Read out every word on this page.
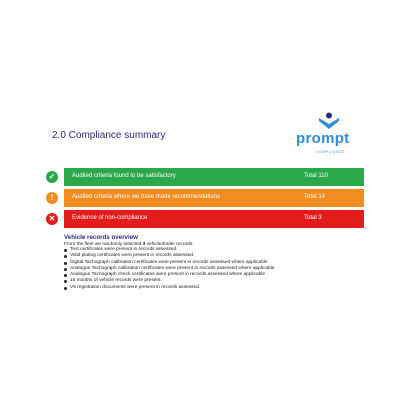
2.0 Compliance summary	prompt
COMPLIANCE
✓	Audited criteria found to be satisfactory	Total 110
!	Audited criteria where we have made recommendations	Total 14
✕	Evidence of non-compliance	Total 3
Vehicle records overview
From the fleet we randomly selected 3 vehicle/trailer records.
Test certificates were present in records assessed.
Valid plating certificates were present in records assessed.
Digital Tachograph calibration certificates were present in records assessed where applicable
Analogue Tachograph calibration certificates were present in records assessed where applicable
Analogue Tachograph check certificates were present in records assessed where applicable
15 months of vehicle records were present.
V5 registration documents were present in records assessed.
